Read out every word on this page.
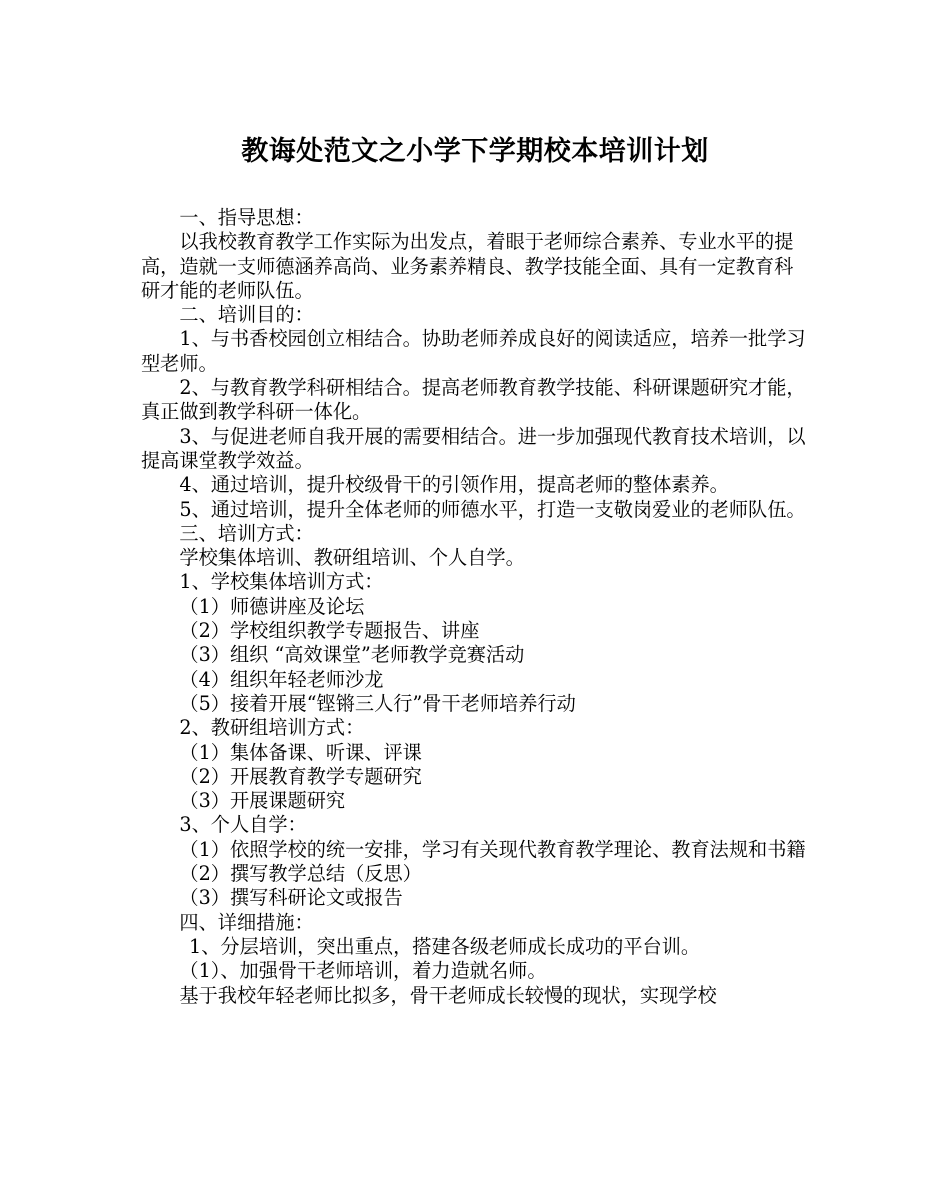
教诲处范文之小学下学期校本培训计划

一、指导思想：

以我校教育教学工作实际为出发点，着眼于老师综合素养、专业水平的提高，造就一支师德涵养高尚、业务素养精良、教学技能全面、具有一定教育科研才能的老师队伍。

二、培训目的：

1、与书香校园创立相结合。协助老师养成良好的阅读适应，培养一批学习型老师。

2、与教育教学科研相结合。提高老师教育教学技能、科研课题研究才能，真正做到教学科研一体化。

3、与促进老师自我开展的需要相结合。进一步加强现代教育技术培训，以提高课堂教学效益。

4、通过培训，提升校级骨干的引领作用，提高老师的整体素养。

5、通过培训，提升全体老师的师德水平，打造一支敬岗爱业的老师队伍。

三、培训方式：

学校集体培训、教研组培训、个人自学。

1、学校集体培训方式：

（1）师德讲座及论坛

（2）学校组织教学专题报告、讲座

（3）组织 “高效课堂”老师教学竞赛活动

（4）组织年轻老师沙龙

（5）接着开展“铿锵三人行”骨干老师培养行动

2、教研组培训方式：

（1）集体备课、听课、评课

（2）开展教育教学专题研究

（3）开展课题研究

3、个人自学：

（1）依照学校的统一安排，学习有关现代教育教学理论、教育法规和书籍

（2）撰写教学总结（反思）

（3）撰写科研论文或报告

四、详细措施：

1、分层培训，突出重点，搭建各级老师成长成功的平台训。

（1）、加强骨干老师培训，着力造就名师。

基于我校年轻老师比拟多，骨干老师成长较慢的现状，实现学校
